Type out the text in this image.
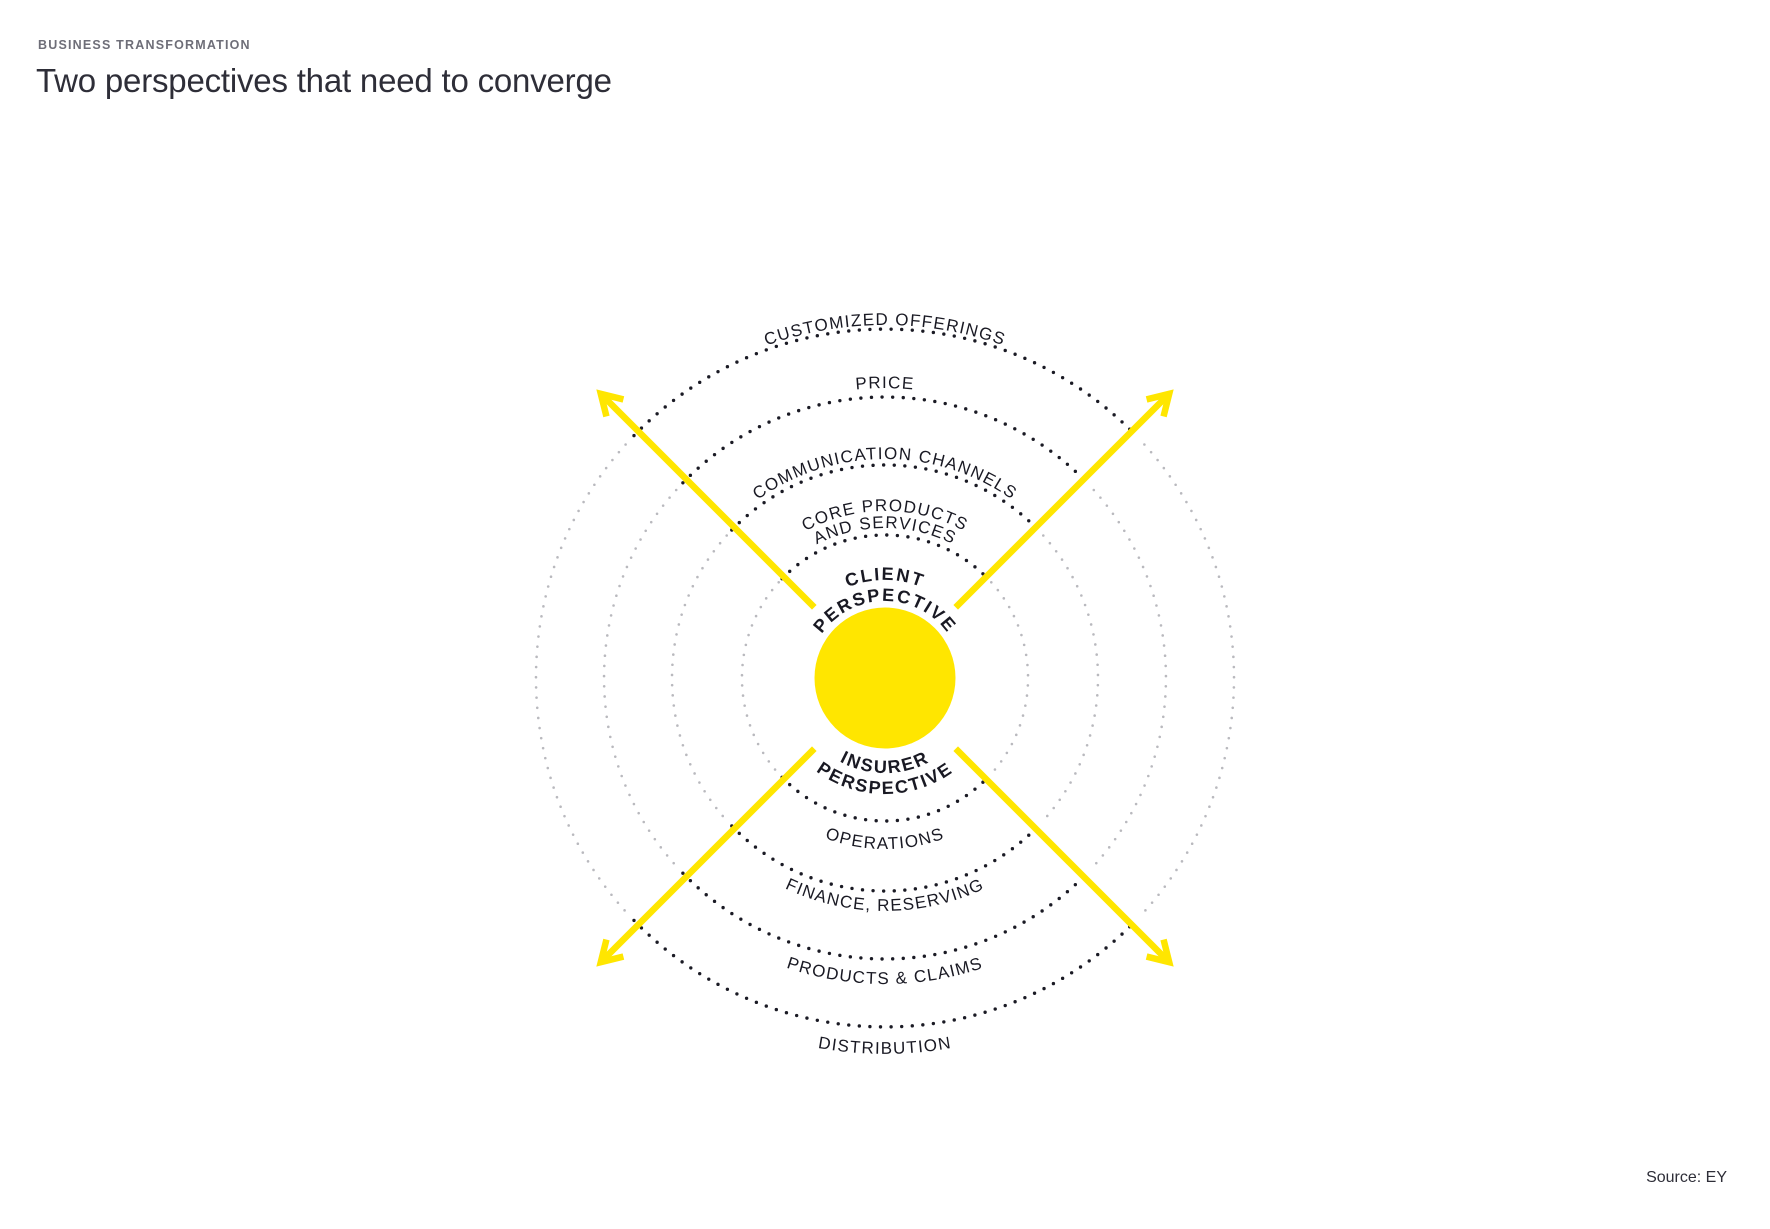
BUSINESS TRANSFORMATION
Two perspectives that need to converge
CUSTOMIZED OFFERINGS
PRICE
COMMUNICATION CHANNELS
CORE PRODUCTS
AND SERVICES
CLIENT
PERSPECTIVE
INSURER
PERSPECTIVE
OPERATIONS
FINANCE, RESERVING
PRODUCTS & CLAIMS
DISTRIBUTION
Source: EY
